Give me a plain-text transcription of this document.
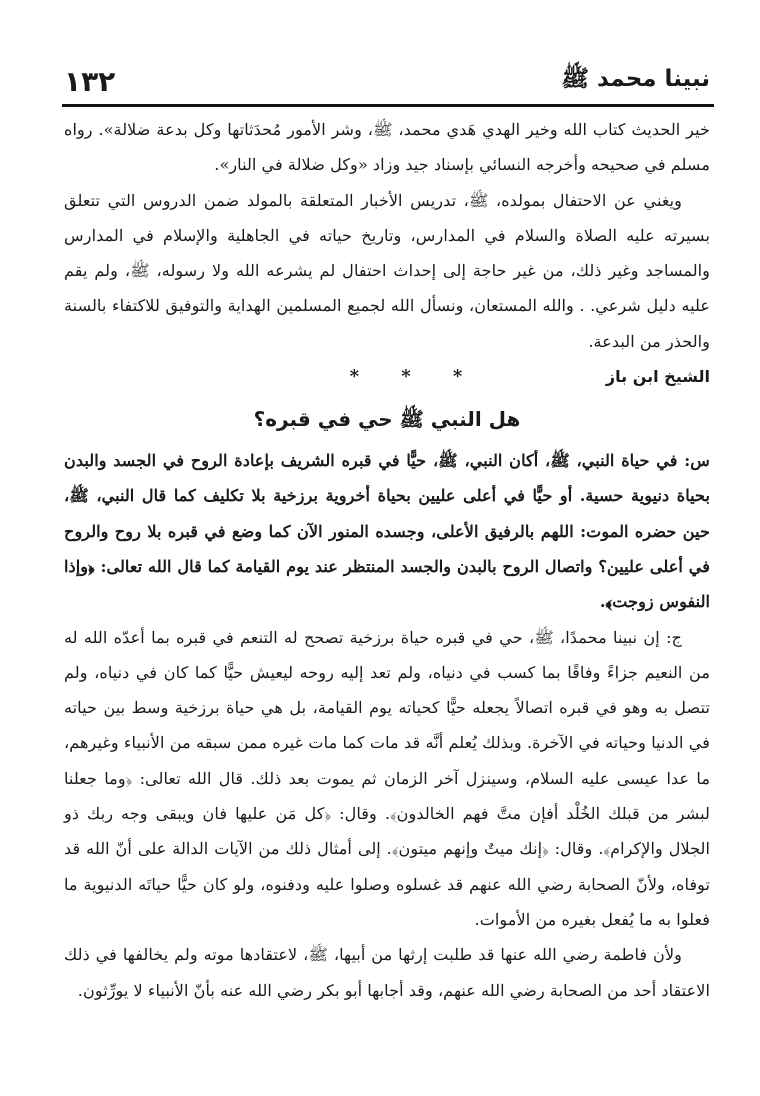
١٣٢	نبينا محمد ﷺ

خير الحديث كتاب الله وخير الهدي هَدي محمد، ﷺ، وشر الأمور مُحدَثاتها وكل بدعة ضلالة». رواه مسلم في صحيحه وأخرجه النسائي بإسناد جيد وزاد «وكل ضلالة في النار».

ويغني عن الاحتفال بمولده، ﷺ، تدريس الأخبار المتعلقة بالمولد ضمن الدروس التي تتعلق بسيرته عليه الصلاة والسلام في المدارس، وتاريخ حياته في الجاهلية والإسلام في المدارس والمساجد وغير ذلك، من غير حاجة إلى إحداث احتفال لم يشرعه الله ولا رسوله، ﷺ، ولم يقم عليه دليل شرعي. . والله المستعان، ونسأل الله لجميع المسلمين الهداية والتوفيق للاكتفاء بالسنة والحذر من البدعة.

الشيخ ابن باز
* * *
هل النبي ﷺ حي في قبره؟

س: في حياة النبي، ﷺ، أكان النبي، ﷺ، حيًّا في قبره الشريف بإعادة الروح في الجسد والبدن بحياة دنيوية حسية. أو حيًّا في أعلى عليين بحياة أخروية برزخية بلا تكليف كما قال النبي، ﷺ، حين حضره الموت: اللهم بالرفيق الأعلى، وجسده المنور الآن كما وضع في قبره بلا روح والروح في أعلى عليين؟ واتصال الروح بالبدن والجسد المنتظر عند يوم القيامة كما قال الله تعالى: ﴿وإذا النفوس زوجت﴾.

ج: إن نبينا محمدًا، ﷺ، حي في قبره حياة برزخية تصحح له التنعم في قبره بما أعدّه الله له من النعيم جزاءً وفاقًا بما كسب في دنياه، ولم تعد إليه روحه ليعيش حيًّا كما كان في دنياه، ولم تتصل به وهو في قبره اتصالاً يجعله حيًّا كحياته يوم القيامة، بل هي حياة برزخية وسط بين حياته في الدنيا وحياته في الآخرة. وبذلك يُعلم أنَّه قد مات كما مات غيره ممن سبقه من الأنبياء وغيرهم، ما عدا عيسى عليه السلام، وسينزل آخر الزمان ثم يموت بعد ذلك. قال الله تعالى: ﴿وما جعلنا لبشر من قبلك الخُلْد أفإن متَّ فهم الخالدون﴾. وقال: ﴿كل مَن عليها فان ويبقى وجه ربك ذو الجلال والإكرام﴾. وقال: ﴿إنك ميتٌ وإنهم ميتون﴾. إلى أمثال ذلك من الآيات الدالة على أنّ الله قد توفاه، ولأنّ الصحابة رضي الله عنهم قد غسلوه وصلوا عليه ودفنوه، ولو كان حيًّا حياتَه الدنيوية ما فعلوا به ما يُفعل بغيره من الأموات.

ولأن فاطمة رضي الله عنها قد طلبت إرثها من أبيها، ﷺ، لاعتقادها موته ولم يخالفها في ذلك الاعتقاد أحد من الصحابة رضي الله عنهم، وقد أجابها أبو بكر رضي الله عنه بأنّ الأنبياء لا يورِّثون.
